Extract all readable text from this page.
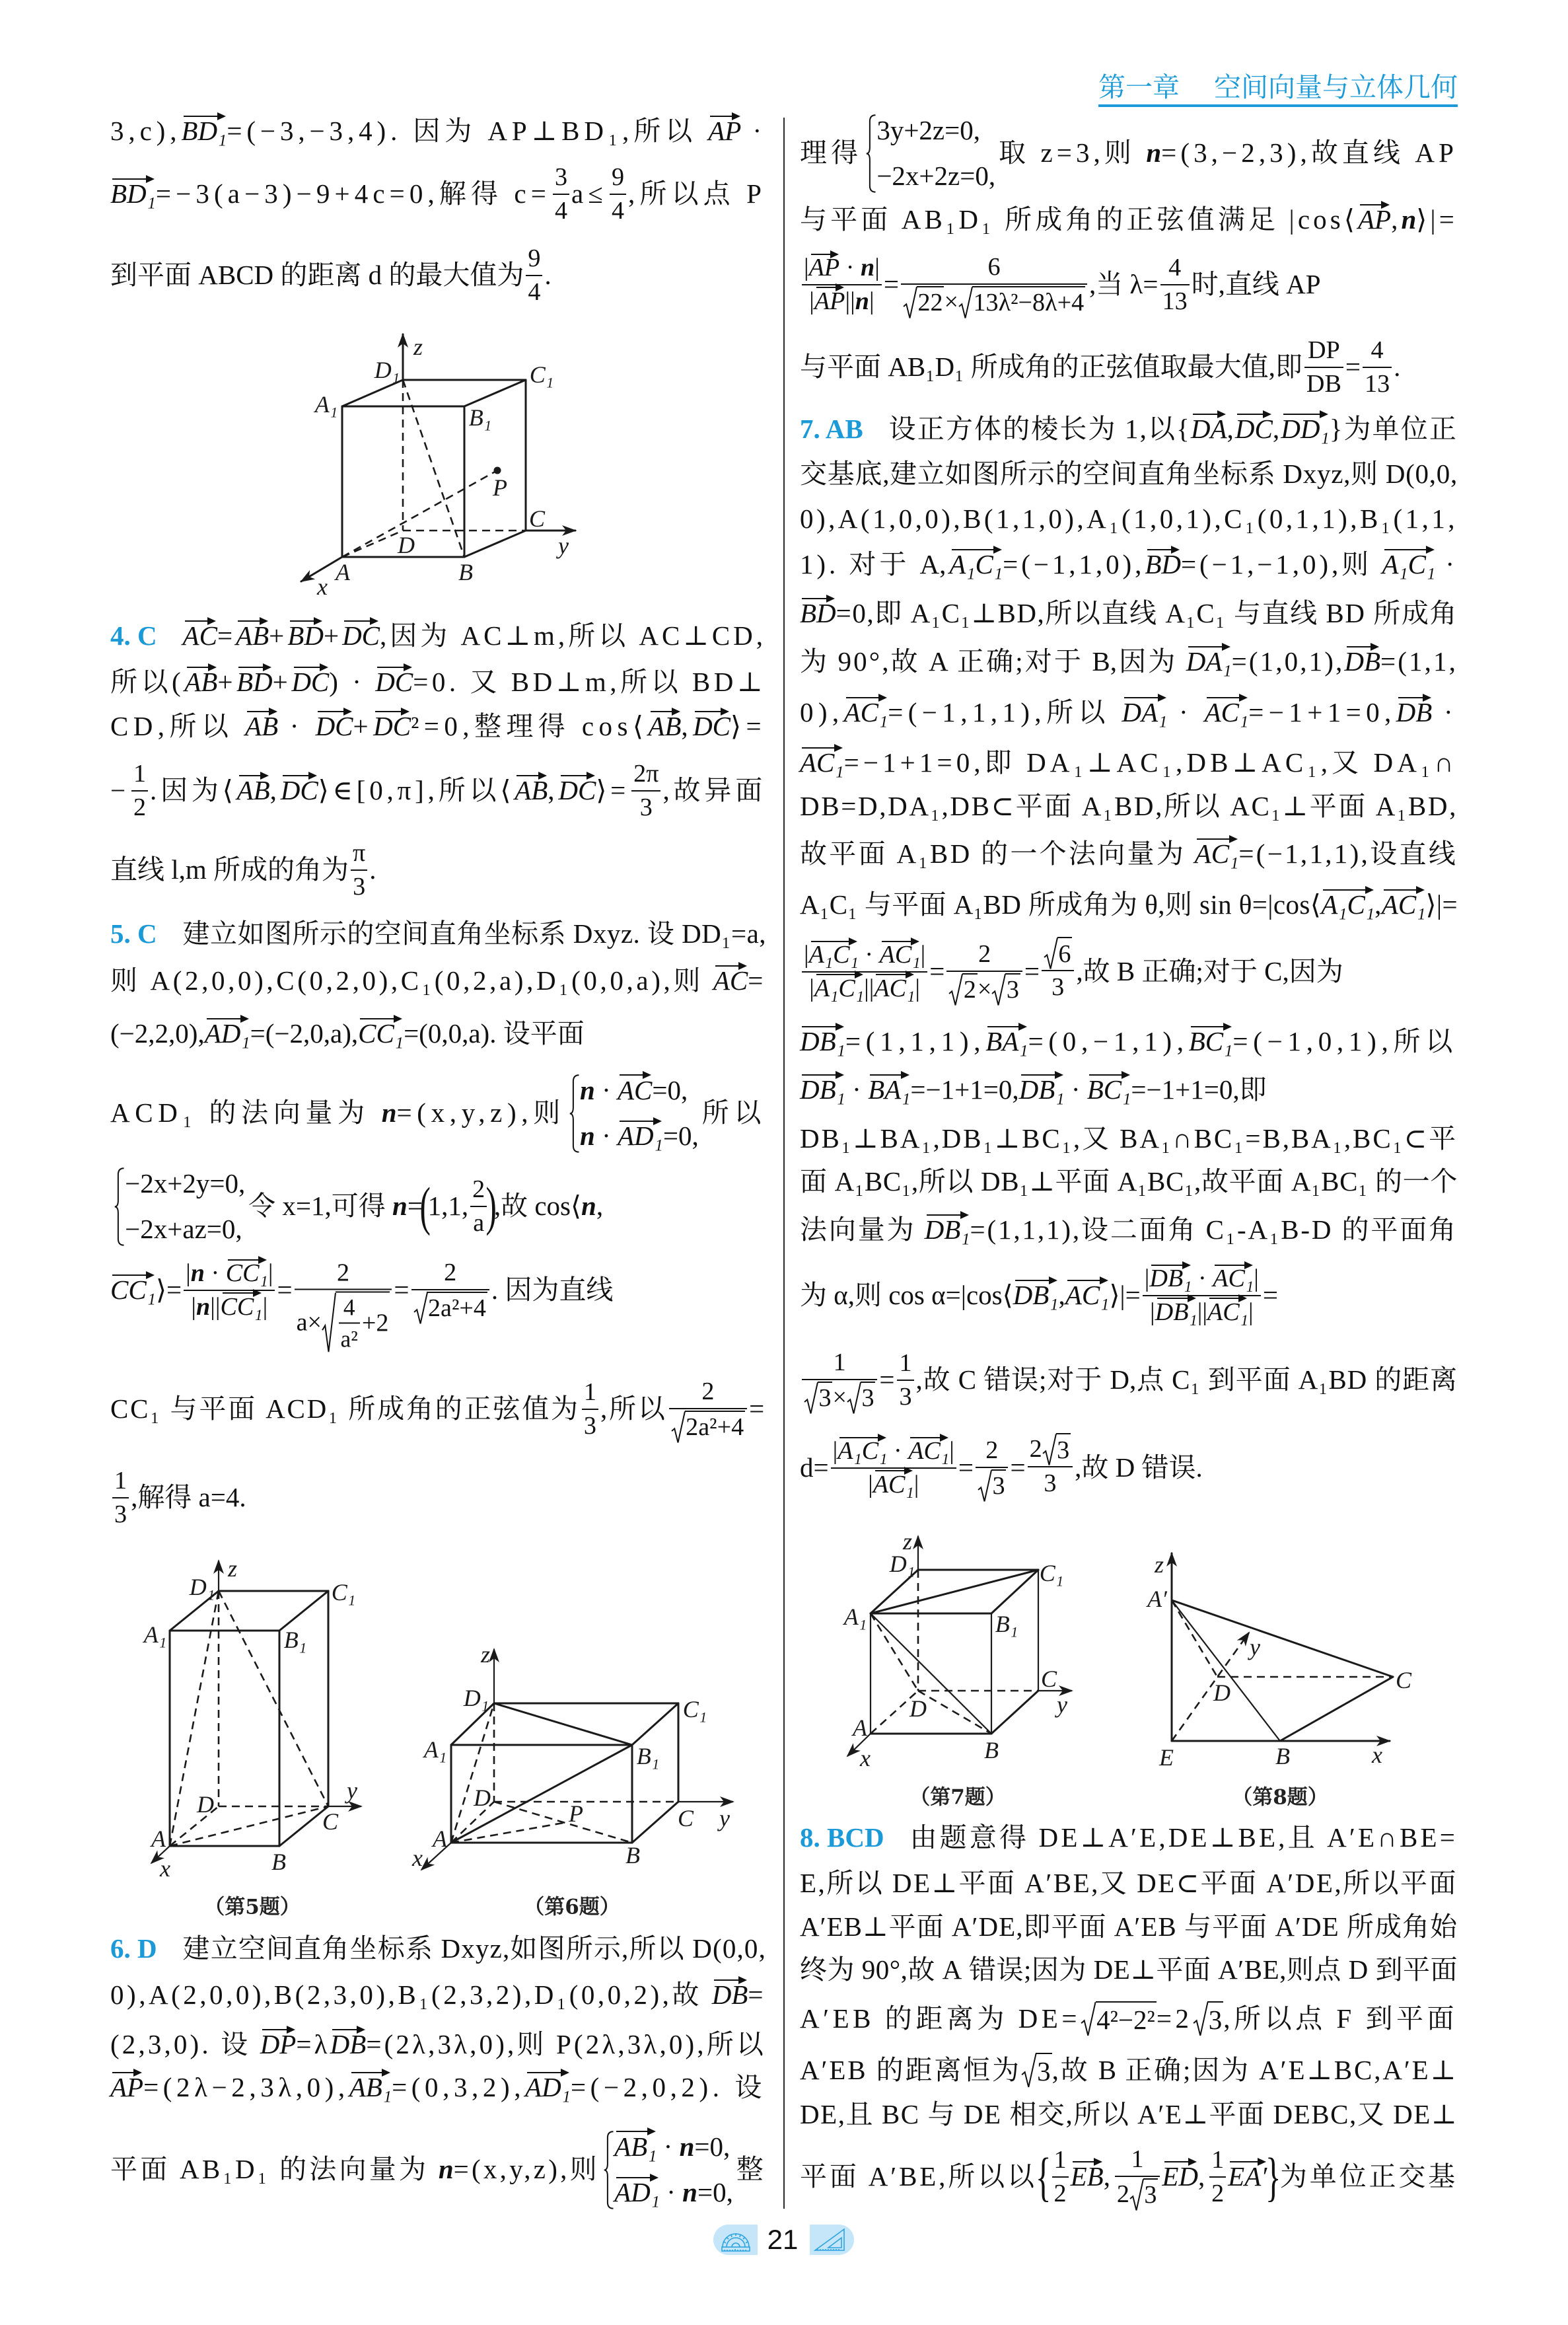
第一章 空间向量与立体几何
z
D₁	C₁
A₁	B₁
P
C
y
D
A	B
x
z
D₁	C₁
A₁	B₁
y
D
C
A
x	B
z
D₁	C₁
A₁	B₁
D
P	C y
A
x	B
z
D₁	C₁
A₁	B₁
C
D	y
A
B
x
z
A′
y
C
D
E	B	x
（第5题）	（第6题）
（第7题）	（第8题）
21
3,c), BD₁ =(−3,−3,4). 因为 AP⊥BD₁,所以 AP ·
BD₁ =−3(a−3)−9+4c=0,解得 $c= \frac{3}{4} a\le \frac{9}{4}$ ,所以点 P
到平面 ABCD 的距离 d 的最大值为 $\frac{9}{4}$ .
4. C AC = AB + BD + DC ,因为 AC⊥m,所以 AC⊥CD,
所以( AB + BD + DC ) · DC =0. 又 BD⊥m,所以 BD⊥
CD,所以 AB · DC + DC ²=0,整理得 cos⟨ AB , DC ⟩=
− $\frac{1}{2}$ .因为⟨ AB , DC ⟩∈[0,π],所以⟨ AB , DC ⟩= $\frac{2\pi}{3}$ ,故异面
直线 l,m 所成的角为 $\frac{\pi}{3}$ .
5. C 建立如图所示的空间直角坐标系 Dxyz. 设 DD₁=a,
则 A(2,0,0),C(0,2,0),C₁(0,2,a),D₁(0,0,a),则 AC =
(−2,2,0), AD₁ =(−2,0,a), CC₁ =(0,0,a). 设平面
ACD₁ 的法向量为 n =(x,y,z),则
n · AC =0,
n · AD₁ =0,
所以
−2x+2y=0,
−2x+az=0,
令 x=1,可得 n =
(
1,1, $\frac{2}{a}$
)
,故 cos⟨ n ,
CC₁ ⟩= $\frac{\text{| n · CC₁ |}}{\text{| n || CC₁ |}} = \frac{2}{a\times \frac{4}{\text{a²}} +2} = \frac{2}{\text{2a²+4}}$ . 因为直线
CC₁ 与平面 ACD₁ 所成角的正弦值为 $\frac{1}{3}$ ,所以 $\frac{2}{\text{2a²+4}}$ =
$\frac{1}{3}$ ,解得 a=4.
6. D 建立空间直角坐标系 Dxyz,如图所示,所以 D(0,0,
0),A(2,0,0),B(2,3,0),B₁(2,3,2),D₁(0,0,2),故 DB =
(2,3,0). 设 DP =λ DB =(2λ,3λ,0),则 P(2λ,3λ,0),所以
AP =(2λ−2,3λ,0), AB₁ =(0,3,2), AD₁ =(−2,0,2). 设
平面 AB₁D₁ 的法向量为 n =(x,y,z),则
AB₁ · n =0,
AD₁ · n =0,
整
理得
3y+2z=0,
−2x+2z=0,
取 z=3,则 n =(3,−2,3),故直线 AP
与平面 AB₁D₁ 所成角的正弦值满足 |cos⟨ AP , n ⟩|=
$\frac{| AP \cdot n |}{| AP || n |} = \frac{6}{\text{22 × 13λ²−8λ+4}}$ ,当 $\lambda= \frac{4}{13}$ 时,直线 AP
与平面 AB₁D₁ 所成角的正弦值取最大值,即 $\frac{DP}{DB} = \frac{4}{13}$ .
7. AB 设正方体的棱长为 1,以{ DA , DC , DD₁ }为单位正
交基底,建立如图所示的空间直角坐标系 Dxyz,则 D(0,0,
0),A(1,0,0),B(1,1,0),A₁(1,0,1),C₁(0,1,1),B₁(1,1,
1). 对于 A , A₁C₁ =(−1,1,0), BD =(−1,−1,0),则 A₁C₁ ·
BD =0,即 A₁C₁⊥BD,所以直线 A₁C₁ 与直线 BD 所成角
为 90°,故 A 正确;对于 B ,因为 DA₁ =(1,0,1), DB =(1,1,
0), AC₁ =(−1,1,1),所以 DA₁ · AC₁ =−1+1=0, DB ·
AC₁ =−1+1=0,即 DA₁⊥AC₁,DB⊥AC₁,又 DA₁∩
DB=D,DA₁,DB⊂平面 A₁BD,所以 AC₁⊥平面 A₁BD,
故平面 A₁BD 的一个法向量为 AC₁ =(−1,1,1),设直线
A₁C₁ 与平面 A₁BD 所成角为 θ,则 sin θ=|cos⟨ A₁C₁ , AC₁ ⟩|=
$\frac{\text{| A₁C₁ · AC₁ |}}{\text{| A₁C₁ || AC₁ |}} = \frac{2}{2 \times 3} = \frac{6}{3}$ ,故 B 正确;对于 C ,因为
DB₁ =(1,1,1), BA₁ =(0,−1,1), BC₁ =(−1,0,1),所以
DB₁ · BA₁ =−1+1=0, DB₁ · BC₁ =−1+1=0,即
DB₁⊥BA₁,DB₁⊥BC₁,又 BA₁∩BC₁=B,BA₁,BC₁⊂平
面 A₁BC₁,所以 DB₁⊥平面 A₁BC₁,故平面 A₁BC₁ 的一个
法向量为 DB₁ =(1,1,1),设二面角 C₁-A₁B-D 的平面角
为 α,则 cos α=|cos⟨ DB₁ , AC₁ ⟩|= $\frac{\text{| DB₁ · AC₁ |}}{\text{| DB₁ || AC₁ |}}$ =
$\frac{1}{3 \times 3} = \frac{1}{3}$ ,故 C 错误;对于 D ,点 C₁ 到平面 A₁BD 的距离
$d= \frac{\text{| A₁C₁ · AC₁ |}}{\text{| AC₁ |}} = \frac{2}{3} = \frac{2 3}{3}$ ,故 D 错误.
8. BCD 由题意得 DE⊥A′E,DE⊥BE,且 A′E∩BE=
E,所以 DE⊥平面 A′BE,又 DE⊂平面 A′DE,所以平面
A′EB⊥平面 A′DE,即平面 A′EB 与平面 A′DE 所成角始
终为 90°,故 A 错误;因为 DE⊥平面 A′BE,则点 D 到平面
A′EB 的距离为 DE= 4²−2² =2 3 ,所以点 F 到平面
A′EB 的距离恒为 3 ,故 B 正确;因为 A′E⊥BC,A′E⊥
DE,且 BC 与 DE 相交,所以 A′E⊥平面 DEBC,又 DE⊥
平面 A′BE,所以以
{ $\frac{1}{2}$ EB , $\frac{1}{2 3}$ ED , $\frac{1}{2} EA'$
}
为单位正交基
